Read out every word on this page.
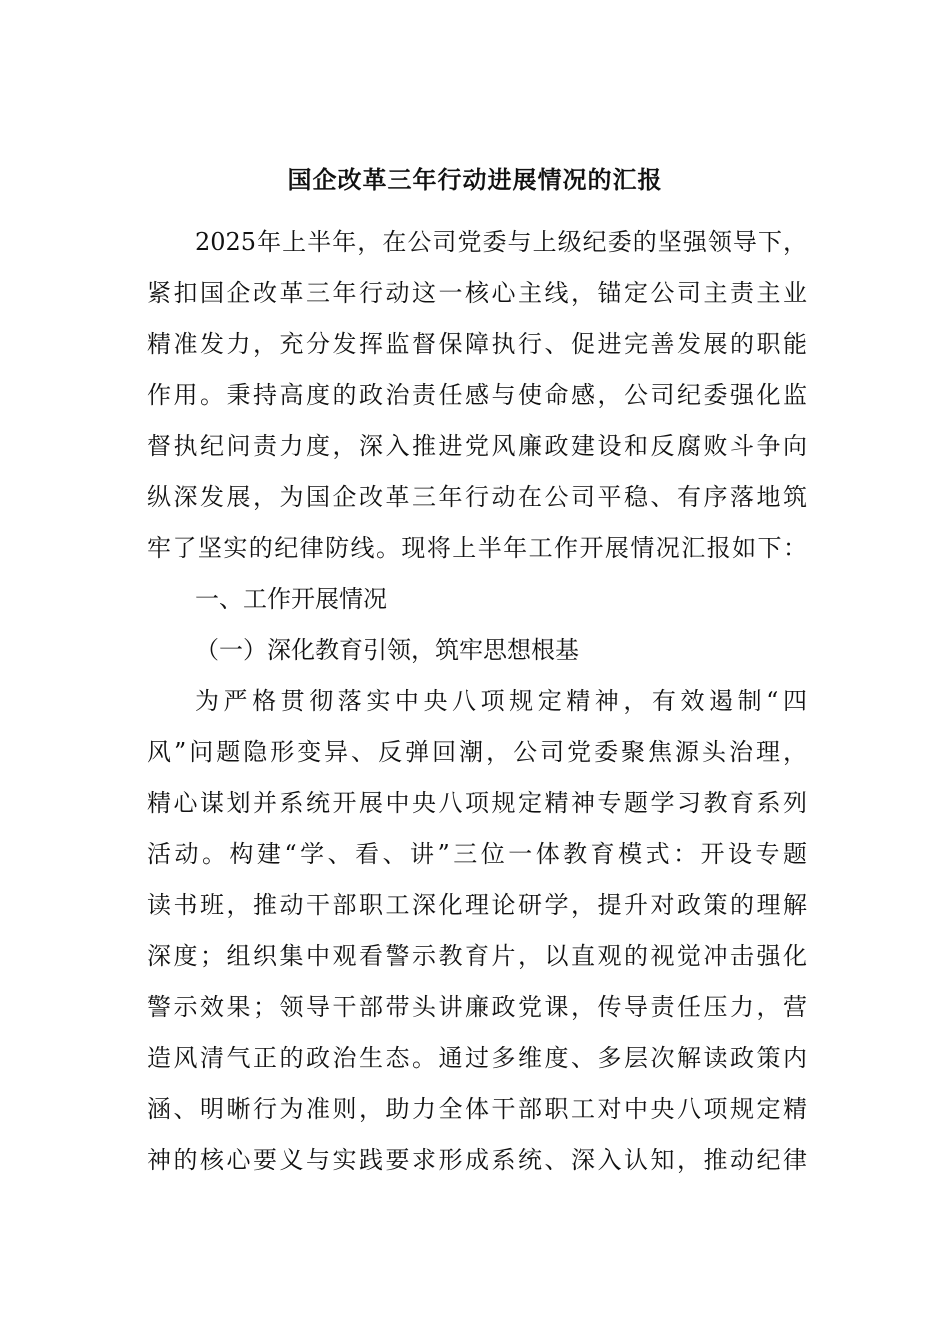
国企改革三年行动进展情况的汇报
2025年上半年，在公司党委与上级纪委的坚强领导下，
紧扣国企改革三年行动这一核心主线，锚定公司主责主业
精准发力，充分发挥监督保障执行、促进完善发展的职能
作用。秉持高度的政治责任感与使命感，公司纪委强化监
督执纪问责力度，深入推进党风廉政建设和反腐败斗争向
纵深发展，为国企改革三年行动在公司平稳、有序落地筑
牢了坚实的纪律防线。现将上半年工作开展情况汇报如下：
一、工作开展情况
（一）深化教育引领，筑牢思想根基
为严格贯彻落实中央八项规定精神，有效遏制“四
风”问题隐形变异、反弹回潮，公司党委聚焦源头治理，
精心谋划并系统开展中央八项规定精神专题学习教育系列
活动。构建“学、看、讲”三位一体教育模式：开设专题
读书班，推动干部职工深化理论研学，提升对政策的理解
深度；组织集中观看警示教育片，以直观的视觉冲击强化
警示效果；领导干部带头讲廉政党课，传导责任压力，营
造风清气正的政治生态。通过多维度、多层次解读政策内
涵、明晰行为准则，助力全体干部职工对中央八项规定精
神的核心要义与实践要求形成系统、深入认知，推动纪律
